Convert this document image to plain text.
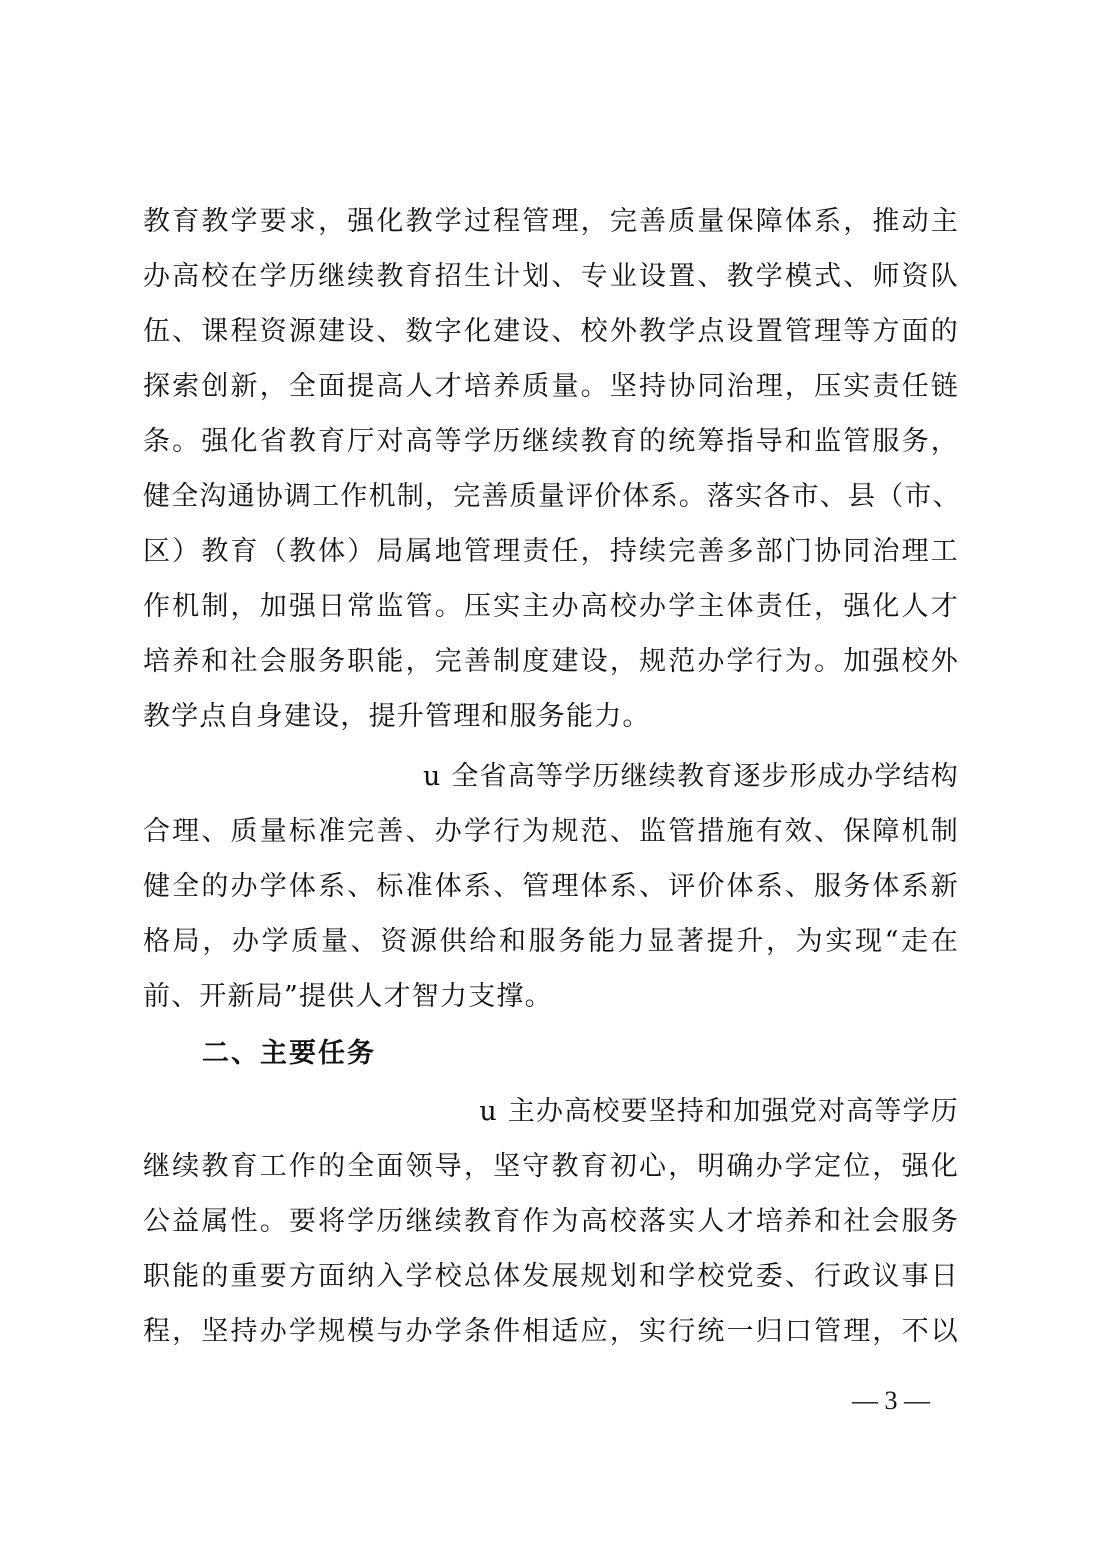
教育教学要求，强化教学过程管理，完善质量保障体系，推动主
办高校在学历继续教育招生计划、专业设置、教学模式、师资队
伍、课程资源建设、数字化建设、校外教学点设置管理等方面的
探索创新，全面提高人才培养质量。坚持协同治理，压实责任链
条。强化省教育厅对高等学历继续教育的统筹指导和监管服务，
健全沟通协调工作机制，完善质量评价体系。落实各市、县（市、
区）教育（教体）局属地管理责任，持续完善多部门协同治理工
作机制，加强日常监管。压实主办高校办学主体责任，强化人才
培养和社会服务职能，完善制度建设，规范办学行为。加强校外
教学点自身建设，提升管理和服务能力。
u 全省高等学历继续教育逐步形成办学结构
合理、质量标准完善、办学行为规范、监管措施有效、保障机制
健全的办学体系、标准体系、管理体系、评价体系、服务体系新
格局，办学质量、资源供给和服务能力显著提升，为实现“走在
前、开新局”提供人才智力支撑。
二、主要任务
u 主办高校要坚持和加强党对高等学历
继续教育工作的全面领导，坚守教育初心，明确办学定位，强化
公益属性。要将学历继续教育作为高校落实人才培养和社会服务
职能的重要方面纳入学校总体发展规划和学校党委、行政议事日
程，坚持办学规模与办学条件相适应，实行统一归口管理，不以
— 3 —
